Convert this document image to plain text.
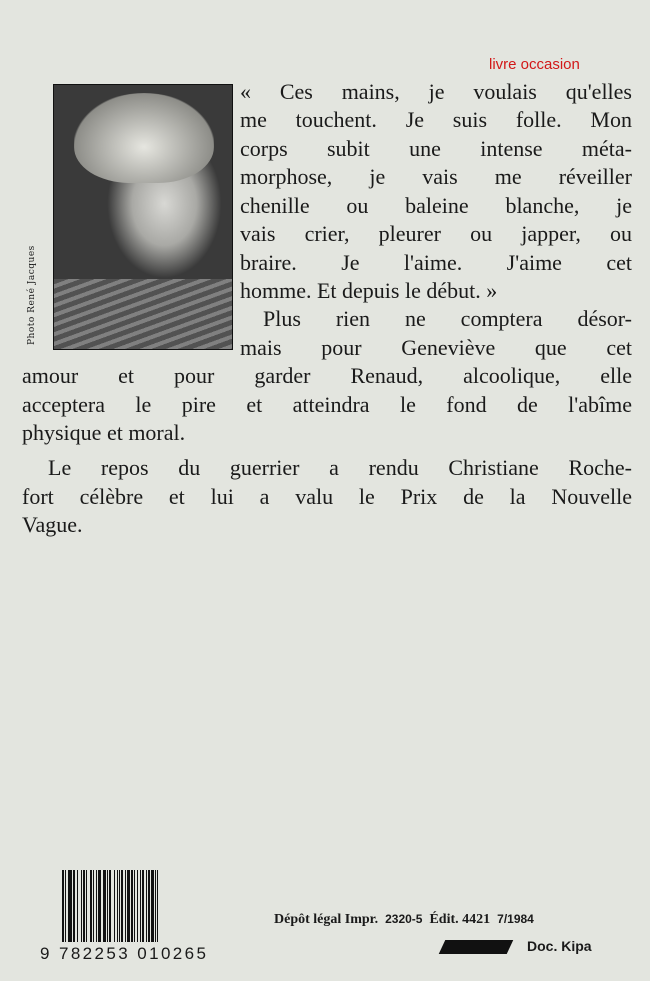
livre occasion
Photo René Jacques
« Ces mains, je voulais qu'elles
me touchent. Je suis folle. Mon
corps subit une intense méta-
morphose, je vais me réveiller
chenille ou baleine blanche, je
vais crier, pleurer ou japper, ou
braire. Je l'aime. J'aime cet
homme. Et depuis le début. »
Plus rien ne comptera désor-
mais pour Geneviève que cet
amour et pour garder Renaud, alcoolique, elle
acceptera le pire et atteindra le fond de l'abîme
physique et moral.
Le repos du guerrier a rendu Christiane Roche-
fort célèbre et lui a valu le Prix de la Nouvelle
Vague.
9 782253 010265
Dépôt légal Impr. 2320-5 Édit. 4421 7/1984
Doc. Kipa
